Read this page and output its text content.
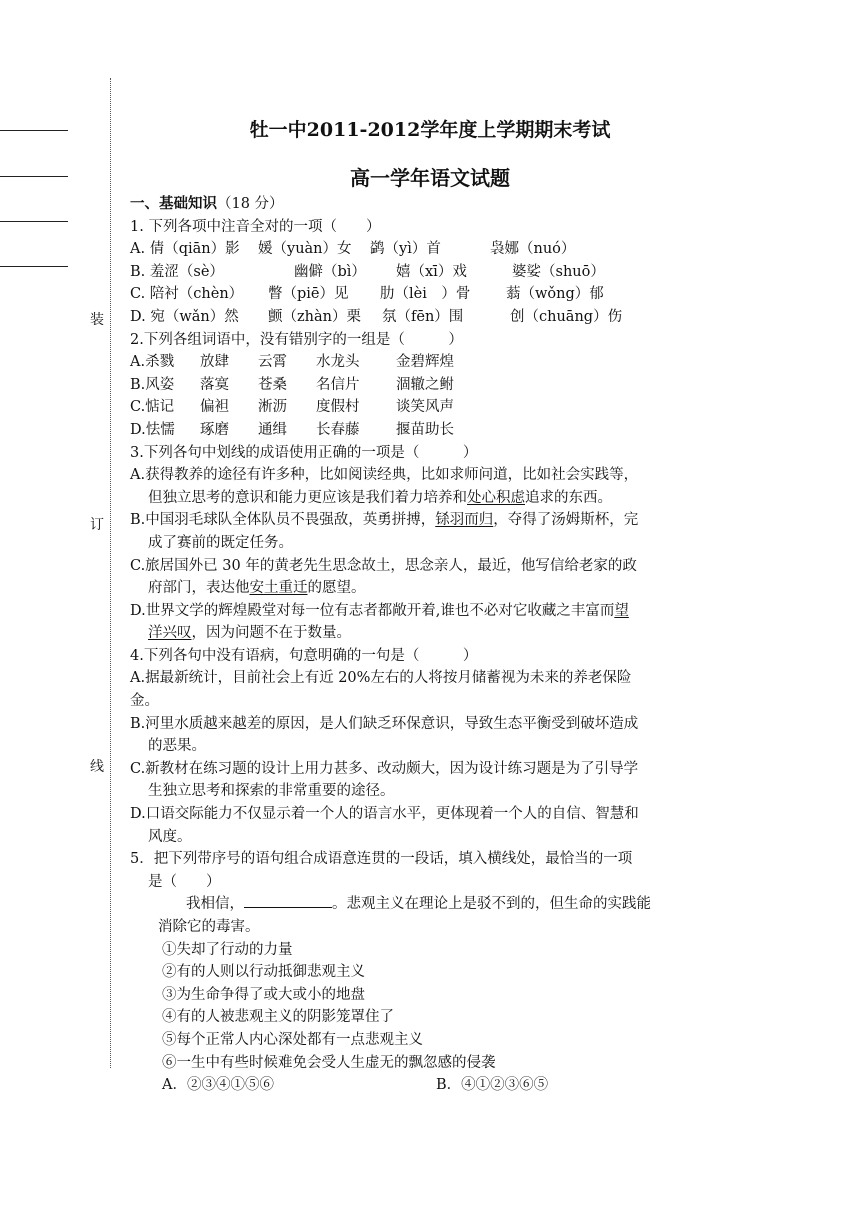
装
订
线
牡一中2011-2012学年度上学期期末考试
高一学年语文试题
一、基础知识（18 分）
1. 下列各项中注音全对的一项（　　）
A. 倩（qiān）影 媛（yuàn）女 鹢（yì）首	袅娜（nuó）
B. 羞涩（sè）	幽僻（bì） 嬉（xī）戏	婆娑（shuō）
C. 陪衬（chèn） 瞥（piē）见 肋（lèi　）骨 蓊（wǒng）郁
D. 宛（wǎn）然 颤（zhàn）栗 氛（fēn）围	创（chuāng）伤
2.下列各组词语中，没有错别字的一组是（　　　）
A.杀戮 放肆 云霄 水龙头	金碧辉煌
B.风姿 落寞 苍桑 名信片	涸辙之鲋
C.惦记 偏袒 淅沥 度假村	谈笑风声
D.怯懦 琢磨 通缉 长春藤	揠苗助长
3.下列各句中划线的成语使用正确的一项是（　　　）
A.获得教养的途径有许多种，比如阅读经典，比如求师问道，比如社会实践等，
但独立思考的意识和能力更应该是我们着力培养和处心积虑追求的东西。
B.中国羽毛球队全体队员不畏强敌，英勇拼搏，铩羽而归，夺得了汤姆斯杯，完
成了赛前的既定任务。
C.旅居国外已 30 年的黄老先生思念故土，思念亲人，最近，他写信给老家的政
府部门，表达他安土重迁的愿望。
D.世界文学的辉煌殿堂对每一位有志者都敞开着,谁也不必对它收藏之丰富而望
洋兴叹，因为问题不在于数量。
4.下列各句中没有语病，句意明确的一句是（　　　）
A.据最新统计，目前社会上有近 20%左右的人将按月储蓄视为未来的养老保险
金。
B.河里水质越来越差的原因，是人们缺乏环保意识，导致生态平衡受到破坏造成
的恶果。
C.新教材在练习题的设计上用力甚多、改动颇大，因为设计练习题是为了引导学
生独立思考和探索的非常重要的途径。
D.口语交际能力不仅显示着一个人的语言水平，更体现着一个人的自信、智慧和
风度。
5．把下列带序号的语句组合成语意连贯的一段话，填入横线处，最恰当的一项
是（　　）
我相信，	。悲观主义在理论上是驳不到的，但生命的实践能
消除它的毒害。
①失却了行动的力量
②有的人则以行动抵御悲观主义
③为生命争得了或大或小的地盘
④有的人被悲观主义的阴影笼罩住了
⑤每个正常人内心深处都有一点悲观主义
⑥一生中有些时候难免会受人生虚无的飘忽感的侵袭
A．②③④①⑤⑥	B．④①②③⑥⑤
